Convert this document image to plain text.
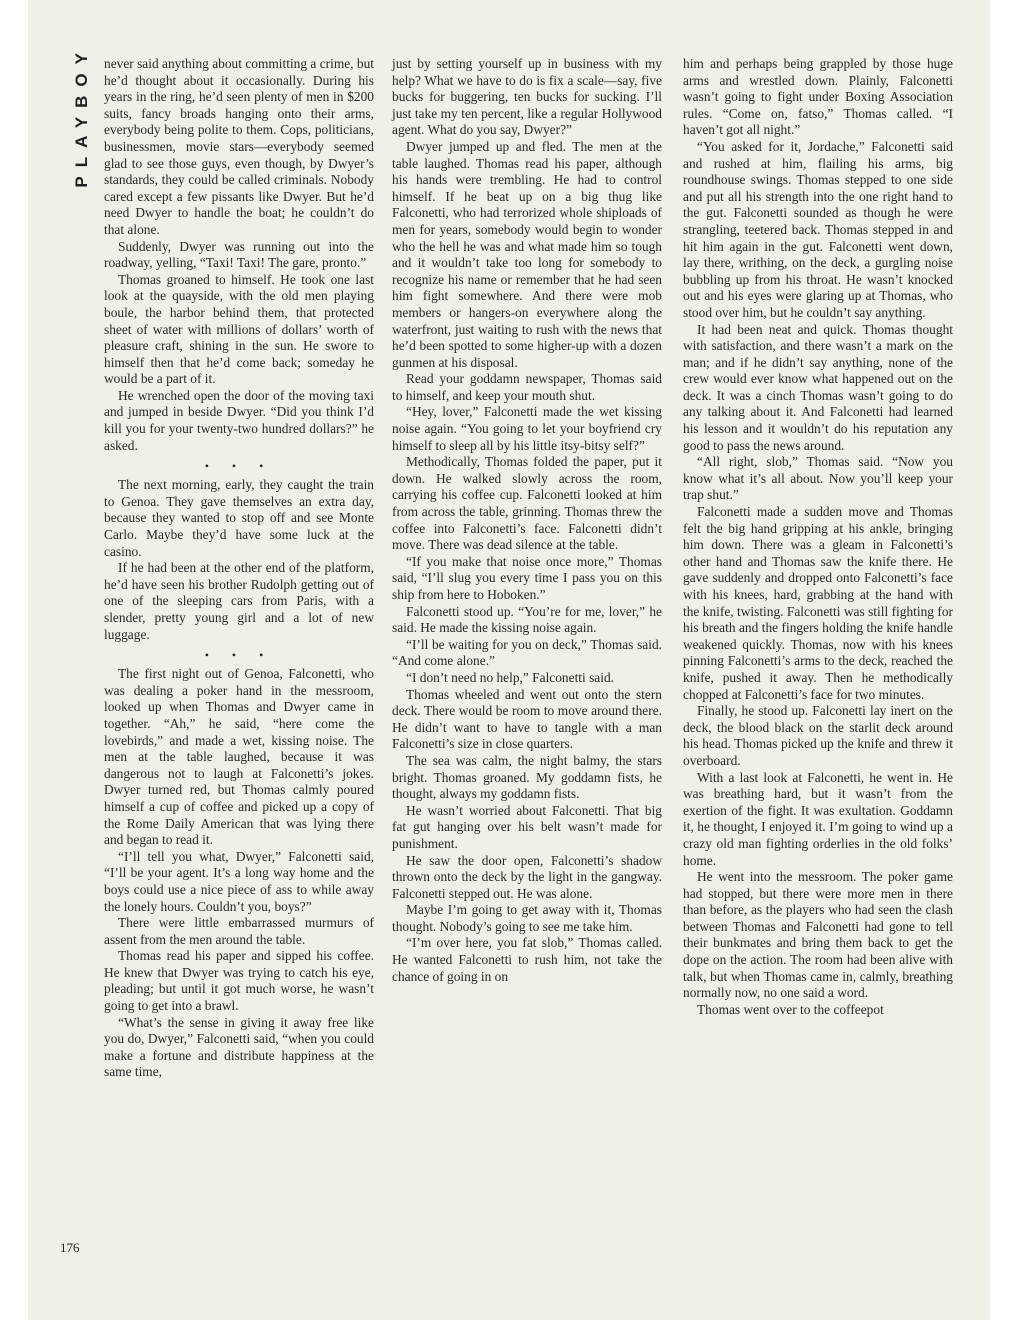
PLAYBOY
176

never said anything about committing a crime, but he’d thought about it occasionally. During his years in the ring, he’d seen plenty of men in $200 suits, fancy broads hanging onto their arms, everybody being polite to them. Cops, politicians, businessmen, movie stars—everybody seemed glad to see those guys, even though, by Dwyer’s standards, they could be called criminals. Nobody cared except a few pissants like Dwyer. But he’d need Dwyer to handle the boat; he couldn’t do that alone.

Suddenly, Dwyer was running out into the roadway, yelling, “Taxi! Taxi! The gare, pronto.”

Thomas groaned to himself. He took one last look at the quayside, with the old men playing boule, the harbor behind them, that protected sheet of water with millions of dollars’ worth of pleasure craft, shining in the sun. He swore to himself then that he’d come back; someday he would be a part of it.

He wrenched open the door of the moving taxi and jumped in beside Dwyer. “Did you think I’d kill you for your twenty-two hundred dollars?” he asked.

• • •

The next morning, early, they caught the train to Genoa. They gave themselves an extra day, because they wanted to stop off and see Monte Carlo. Maybe they’d have some luck at the casino.

If he had been at the other end of the platform, he’d have seen his brother Rudolph getting out of one of the sleeping cars from Paris, with a slender, pretty young girl and a lot of new luggage.

• • •

The first night out of Genoa, Falconetti, who was dealing a poker hand in the messroom, looked up when Thomas and Dwyer came in together. “Ah,” he said, “here come the lovebirds,” and made a wet, kissing noise. The men at the table laughed, because it was dangerous not to laugh at Falconetti’s jokes. Dwyer turned red, but Thomas calmly poured himself a cup of coffee and picked up a copy of the Rome Daily American that was lying there and began to read it.

“I’ll tell you what, Dwyer,” Falconetti said, “I’ll be your agent. It’s a long way home and the boys could use a nice piece of ass to while away the lonely hours. Couldn’t you, boys?”

There were little embarrassed murmurs of assent from the men around the table.

Thomas read his paper and sipped his coffee. He knew that Dwyer was trying to catch his eye, pleading; but until it got much worse, he wasn’t going to get into a brawl.

“What’s the sense in giving it away free like you do, Dwyer,” Falconetti said, “when you could make a fortune and distribute happiness at the same time,

just by setting yourself up in business with my help? What we have to do is fix a scale—say, five bucks for buggering, ten bucks for sucking. I’ll just take my ten percent, like a regular Hollywood agent. What do you say, Dwyer?”

Dwyer jumped up and fled. The men at the table laughed. Thomas read his paper, although his hands were trembling. He had to control himself. If he beat up on a big thug like Falconetti, who had terrorized whole shiploads of men for years, somebody would begin to wonder who the hell he was and what made him so tough and it wouldn’t take too long for somebody to recognize his name or remember that he had seen him fight somewhere. And there were mob members or hangers-on everywhere along the waterfront, just waiting to rush with the news that he’d been spotted to some higher-up with a dozen gunmen at his disposal.

Read your goddamn newspaper, Thomas said to himself, and keep your mouth shut.

“Hey, lover,” Falconetti made the wet kissing noise again. “You going to let your boyfriend cry himself to sleep all by his little itsy-bitsy self?”

Methodically, Thomas folded the paper, put it down. He walked slowly across the room, carrying his coffee cup. Falconetti looked at him from across the table, grinning. Thomas threw the coffee into Falconetti’s face. Falconetti didn’t move. There was dead silence at the table.

“If you make that noise once more,” Thomas said, “I’ll slug you every time I pass you on this ship from here to Hoboken.”

Falconetti stood up. “You’re for me, lover,” he said. He made the kissing noise again.

“I’ll be waiting for you on deck,” Thomas said. “And come alone.”

“I don’t need no help,” Falconetti said.

Thomas wheeled and went out onto the stern deck. There would be room to move around there. He didn’t want to have to tangle with a man Falconetti’s size in close quarters.

The sea was calm, the night balmy, the stars bright. Thomas groaned. My goddamn fists, he thought, always my goddamn fists.

He wasn’t worried about Falconetti. That big fat gut hanging over his belt wasn’t made for punishment.

He saw the door open, Falconetti’s shadow thrown onto the deck by the light in the gangway. Falconetti stepped out. He was alone.

Maybe I’m going to get away with it, Thomas thought. Nobody’s going to see me take him.

“I’m over here, you fat slob,” Thomas called. He wanted Falconetti to rush him, not take the chance of going in on

him and perhaps being grappled by those huge arms and wrestled down. Plainly, Falconetti wasn’t going to fight under Boxing Association rules. “Come on, fatso,” Thomas called. “I haven’t got all night.”

“You asked for it, Jordache,” Falconetti said and rushed at him, flailing his arms, big roundhouse swings. Thomas stepped to one side and put all his strength into the one right hand to the gut. Falconetti sounded as though he were strangling, teetered back. Thomas stepped in and hit him again in the gut. Falconetti went down, lay there, writhing, on the deck, a gurgling noise bubbling up from his throat. He wasn’t knocked out and his eyes were glaring up at Thomas, who stood over him, but he couldn’t say anything.

It had been neat and quick. Thomas thought with satisfaction, and there wasn’t a mark on the man; and if he didn’t say anything, none of the crew would ever know what happened out on the deck. It was a cinch Thomas wasn’t going to do any talking about it. And Falconetti had learned his lesson and it wouldn’t do his reputation any good to pass the news around.

“All right, slob,” Thomas said. “Now you know what it’s all about. Now you’ll keep your trap shut.”

Falconetti made a sudden move and Thomas felt the big hand gripping at his ankle, bringing him down. There was a gleam in Falconetti’s other hand and Thomas saw the knife there. He gave suddenly and dropped onto Falconetti’s face with his knees, hard, grabbing at the hand with the knife, twisting. Falconetti was still fighting for his breath and the fingers holding the knife handle weakened quickly. Thomas, now with his knees pinning Falconetti’s arms to the deck, reached the knife, pushed it away. Then he methodically chopped at Falconetti’s face for two minutes.

Finally, he stood up. Falconetti lay inert on the deck, the blood black on the starlit deck around his head. Thomas picked up the knife and threw it overboard.

With a last look at Falconetti, he went in. He was breathing hard, but it wasn’t from the exertion of the fight. It was exultation. Goddamn it, he thought, I enjoyed it. I’m going to wind up a crazy old man fighting orderlies in the old folks’ home.

He went into the messroom. The poker game had stopped, but there were more men in there than before, as the players who had seen the clash between Thomas and Falconetti had gone to tell their bunkmates and bring them back to get the dope on the action. The room had been alive with talk, but when Thomas came in, calmly, breathing normally now, no one said a word.

Thomas went over to the coffeepot
